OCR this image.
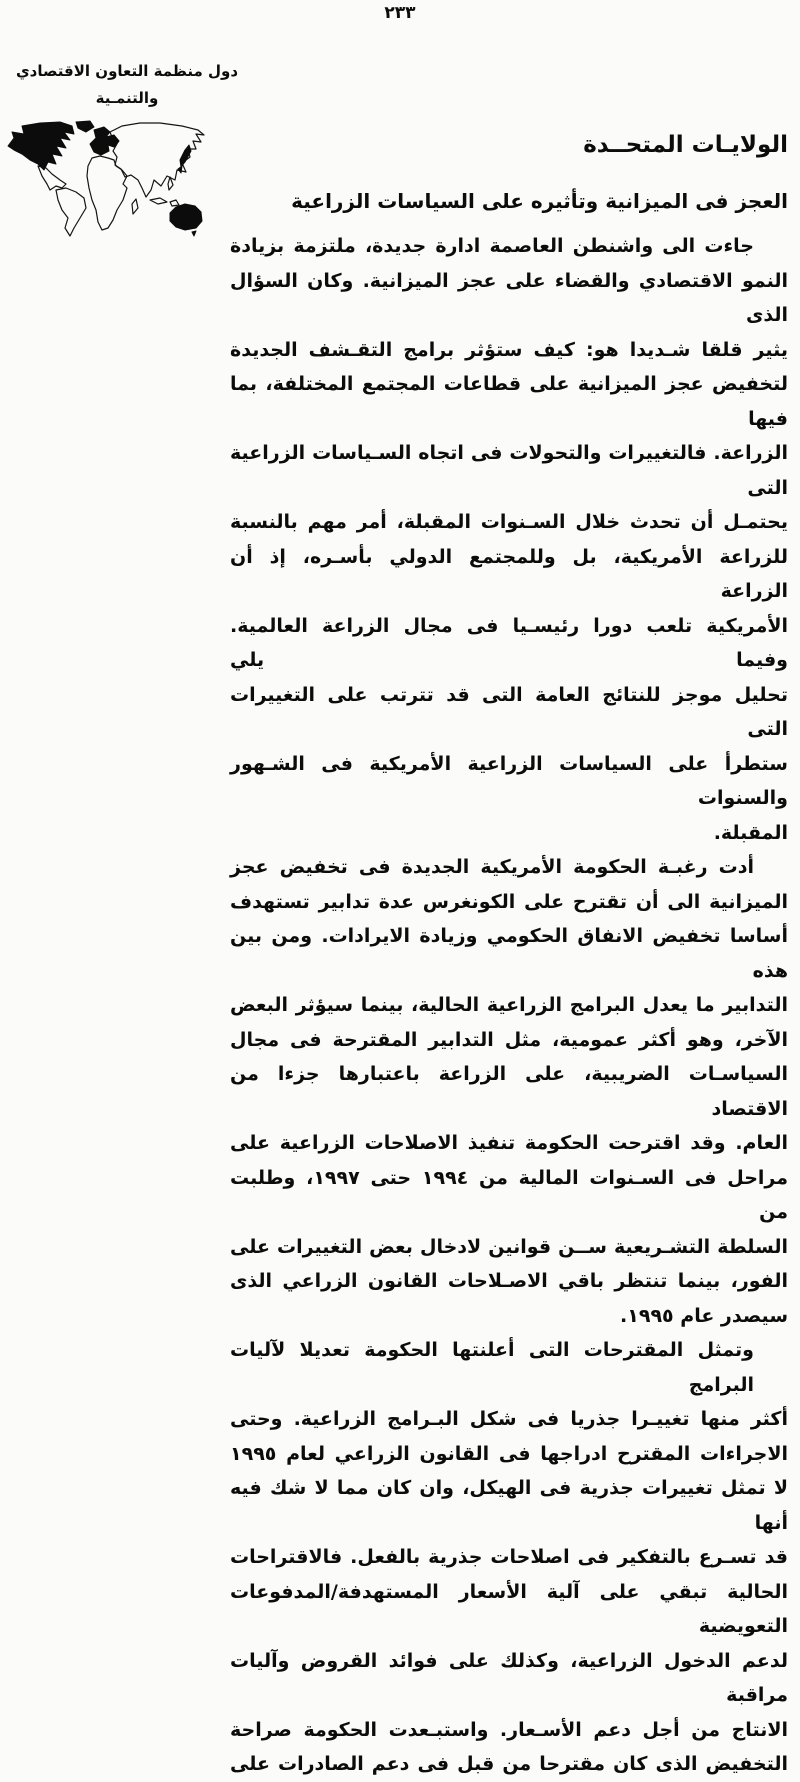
٢٣٣
دول منظمة التعاون الاقتصادي
والتنمـية
الولايـات المتحــدة
العجز فى الميزانية وتأثيره على السياسات الزراعية
جاءت الى واشنطن العاصمة ادارة جديدة، ملتزمة بزيادة
النمو الاقتصادي والقضاء على عجز الميزانية. وكان السؤال الذى
يثير قلقا شـديدا هو: كيف ستؤثر برامج التقـشف الجديدة
لتخفيض عجز الميزانية على قطاعات المجتمع المختلفة، بما فيها
الزراعة. فالتغييرات والتحولات فى اتجاه السـياسات الزراعية التى
يحتمـل أن تحدث خلال السـنوات المقبلة، أمر مهم بالنسبة
للزراعة الأمريكية، بل وللمجتمع الدولي بأسـره، إذ أن الزراعة
الأمريكية تلعب دورا رئيسـيا فى مجال الزراعة العالمية. وفيما يلي
تحليل موجز للنتائج العامة التى قد تترتب على التغييرات التى
ستطرأ على السياسات الزراعية الأمريكية فى الشـهور والسنوات
المقبلة.
أدت رغبـة الحكومة الأمريكية الجديدة فى تخفيض عجز
الميزانية الى أن تقترح على الكونغرس عدة تدابير تستهدف
أساسا تخفيض الانفاق الحكومي وزيادة الايرادات. ومن بين هذه
التدابير ما يعدل البرامج الزراعية الحالية، بينما سيؤثر البعض
الآخر، وهو أكثر عمومية، مثل التدابير المقترحة فى مجال
السياسـات الضريبية، على الزراعة باعتبارها جزءا من الاقتصاد
العام. وقد اقترحت الحكومة تنفيذ الاصلاحات الزراعية على
مراحل فى السـنوات المالية من ١٩٩٤ حتى ١٩٩٧، وطلبت من
السلطة التشـريعية ســن قوانين لادخال بعض التغييرات على
الفور، بينما تنتظر باقي الاصـلاحات القانون الزراعي الذى
سيصدر عام ١٩٩٥.
وتمثل المقترحات التى أعلنتها الحكومة تعديلا لآليات البرامج
أكثر منها تغييـرا جذريا فى شكل البـرامج الزراعية. وحتى
الاجراءات المقترح ادراجها فى القانون الزراعي لعام ١٩٩٥
لا تمثل تغييرات جذرية فى الهيكل، وان كان مما لا شك فيه أنها
قد تسـرع بالتفكير فى اصلاحات جذرية بالفعل. فالاقتراحات
الحالية تبقي على آلية الأسعار المستهدفة/المدفوعات التعويضية
لدعم الدخول الزراعية، وكذلك على فوائد القروض وآليات مراقبة
الانتاج من أجل دعم الأسـعار. واستبـعدت الحكومة صراحة
التخفيض الذى كان مقترحا من قبل فى دعم الصادرات على
